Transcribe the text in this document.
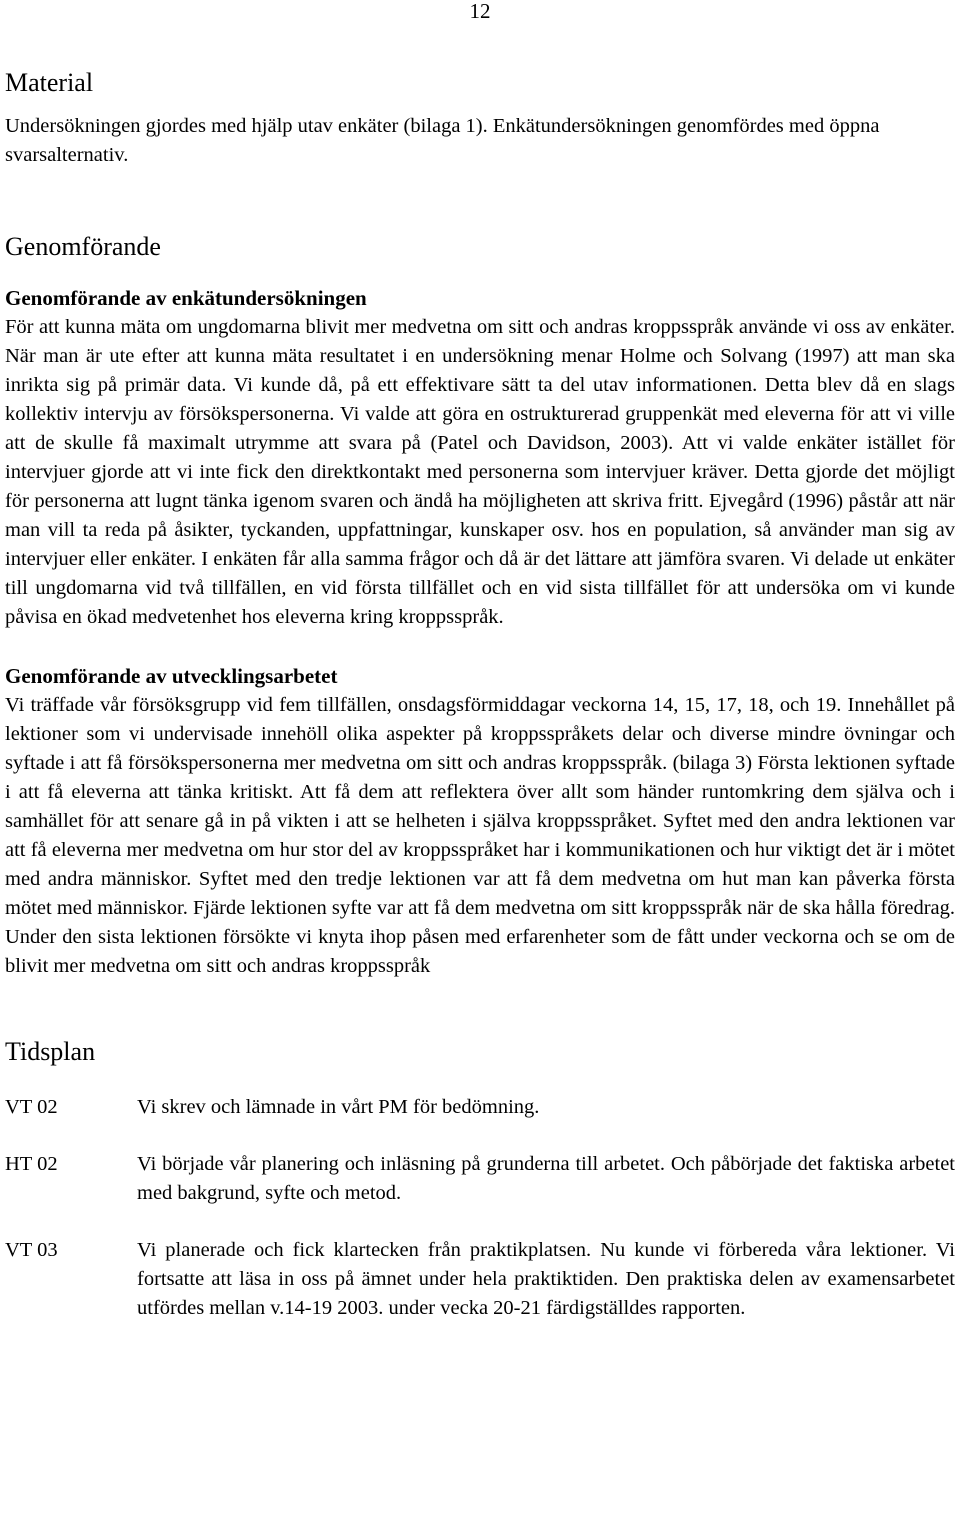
12
Material

Undersökningen gjordes med hjälp utav enkäter (bilaga 1). Enkätundersökningen genomfördes med öppna svarsalternativ.

Genomförande
Genomförande av enkätundersökningen

För att kunna mäta om ungdomarna blivit mer medvetna om sitt och andras kroppsspråk använde vi oss av enkäter. När man är ute efter att kunna mäta resultatet i en undersökning menar Holme och Solvang (1997) att man ska inrikta sig på primär data. Vi kunde då, på ett effektivare sätt ta del utav informationen. Detta blev då en slags kollektiv intervju av försökspersonerna. Vi valde att göra en ostrukturerad gruppenkät med eleverna för att vi ville att de skulle få maximalt utrymme att svara på (Patel och Davidson, 2003). Att vi valde enkäter istället för intervjuer gjorde att vi inte fick den direktkontakt med personerna som intervjuer kräver. Detta gjorde det möjligt för personerna att lugnt tänka igenom svaren och ändå ha möjligheten att skriva fritt. Ejvegård (1996) påstår att när man vill ta reda på åsikter, tyckanden, uppfattningar, kunskaper osv. hos en population, så använder man sig av intervjuer eller enkäter. I enkäten får alla samma frågor och då är det lättare att jämföra svaren. Vi delade ut enkäter till ungdomarna vid två tillfällen, en vid första tillfället och en vid sista tillfället för att undersöka om vi kunde påvisa en ökad medvetenhet hos eleverna kring kroppsspråk.

Genomförande av utvecklingsarbetet

Vi träffade vår försöksgrupp vid fem tillfällen, onsdagsförmiddagar veckorna 14, 15, 17, 18, och 19. Innehållet på lektioner som vi undervisade innehöll olika aspekter på kroppsspråkets delar och diverse mindre övningar och syftade i att få försökspersonerna mer medvetna om sitt och andras kroppsspråk. (bilaga 3) Första lektionen syftade i att få eleverna att tänka kritiskt. Att få dem att reflektera över allt som händer runtomkring dem själva och i samhället för att senare gå in på vikten i att se helheten i själva kroppsspråket. Syftet med den andra lektionen var att få eleverna mer medvetna om hur stor del av kroppsspråket har i kommunikationen och hur viktigt det är i mötet med andra människor. Syftet med den tredje lektionen var att få dem medvetna om hut man kan påverka första mötet med människor. Fjärde lektionen syfte var att få dem medvetna om sitt kroppsspråk när de ska hålla föredrag. Under den sista lektionen försökte vi knyta ihop påsen med erfarenheter som de fått under veckorna och se om de blivit mer medvetna om sitt och andras kroppsspråk

Tidsplan
VT 02	Vi skrev och lämnade in vårt PM för bedömning.
HT 02	Vi började vår planering och inläsning på grunderna till arbetet. Och påbörjade det faktiska arbetet med bakgrund, syfte och metod.
VT 03	Vi planerade och fick klartecken från praktikplatsen. Nu kunde vi förbereda våra lektioner. Vi fortsatte att läsa in oss på ämnet under hela praktiktiden. Den praktiska delen av examensarbetet utfördes mellan v.14-19 2003. under vecka 20-21 färdigställdes rapporten.
